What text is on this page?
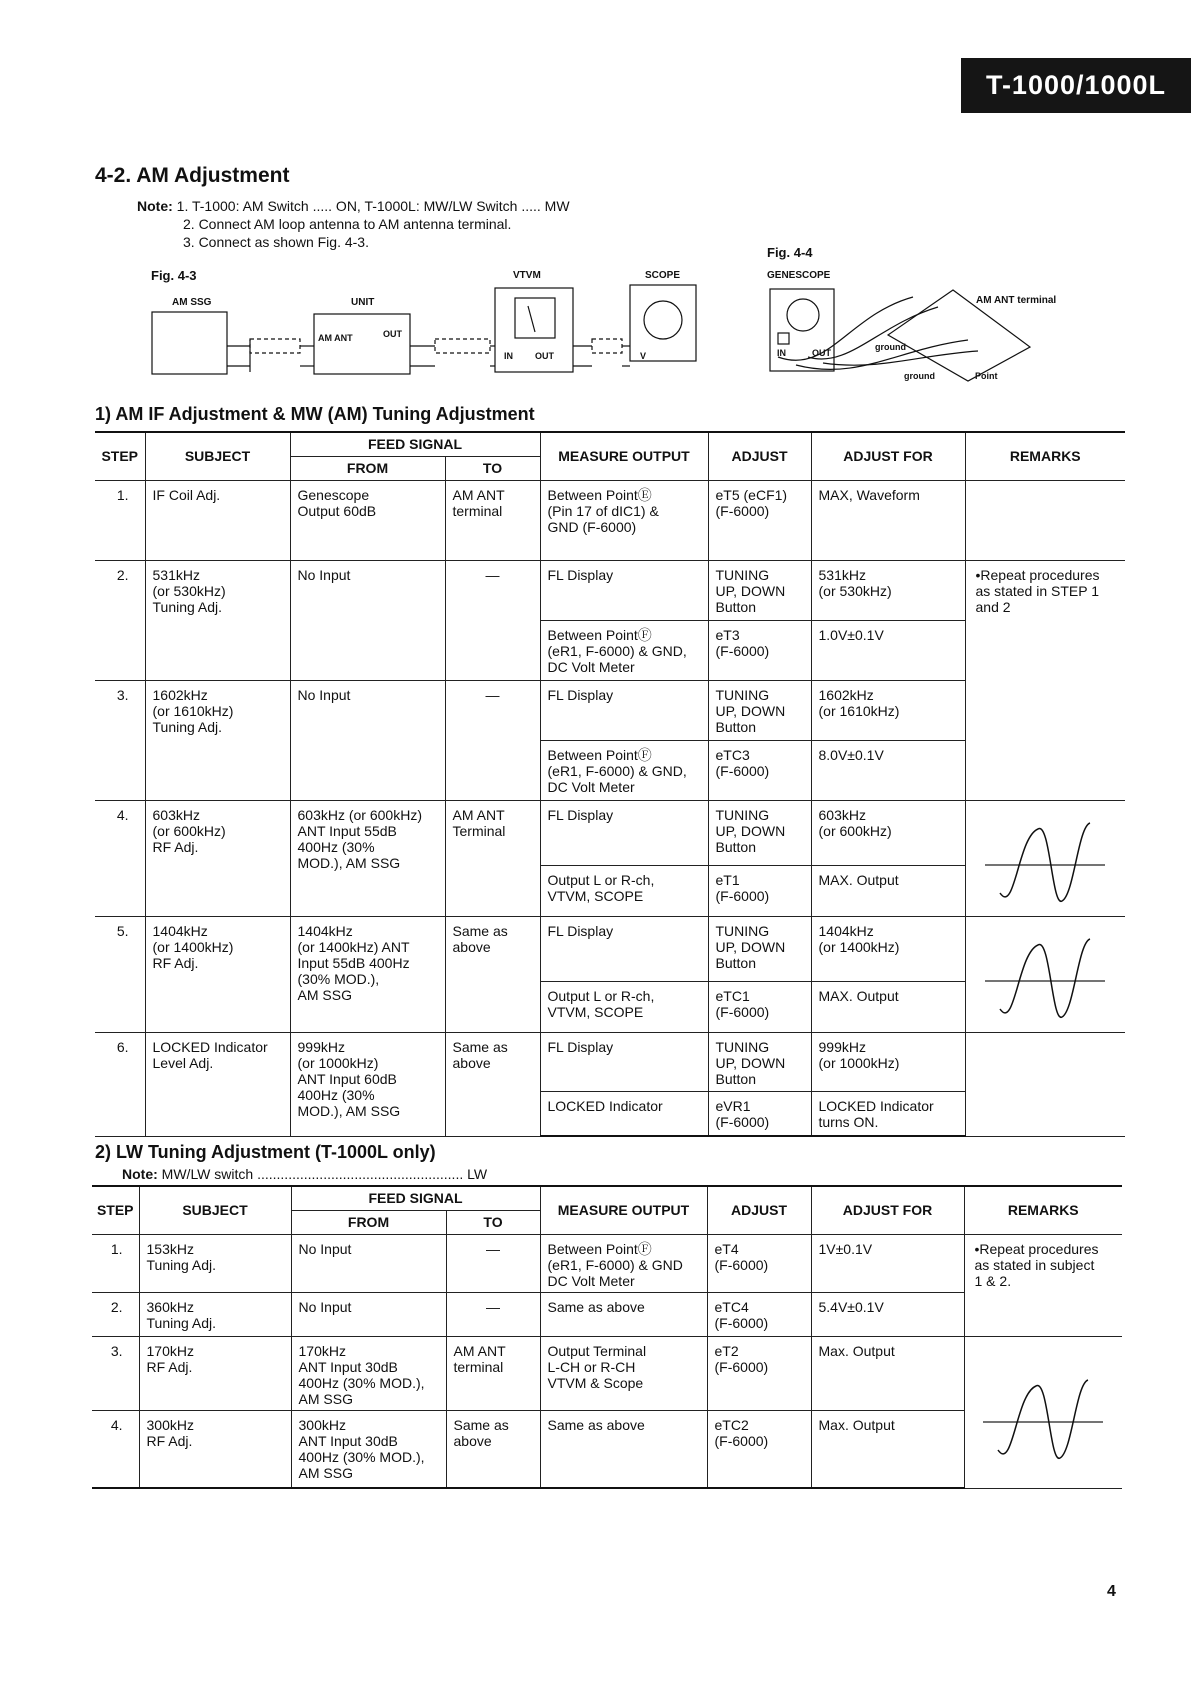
T-1000/1000L
4-2. AM Adjustment
Note: 1. T-1000: AM Switch ..... ON, T-1000L: MW/LW Switch ..... MW
2. Connect AM loop antenna to AM antenna terminal.
3. Connect as shown Fig. 4-3.
Fig. 4-3
AM SSG	UNIT
VTVM	SCOPE
AM ANT	OUT
IN OUT	V
Fig. 4-4
GENESCOPE
AM ANT terminal
IN	OUT
ground
ground	Point
1) AM IF Adjustment & MW (AM) Tuning Adjustment
STEP	SUBJECT	FEED SIGNAL		MEASURE OUTPUT	ADJUST	ADJUST FOR	REMARKS
		FROM	TO				
1.	IF Coil Adj.	Genescope
Output 60dB	AM ANT
terminal	Between PointⒺ
(Pin 17 of dIC1) &
GND (F-6000)	eT5 (eCF1)
(F-6000)	MAX, Waveform	
2.	531kHz
(or 530kHz)
Tuning Adj.	No Input	—	FL Display	TUNING
UP, DOWN
Button	531kHz
(or 530kHz)	•Repeat procedures
as stated in STEP 1
and 2
				Between PointⒻ
(eR1, F-6000) & GND,
DC Volt Meter	eT3
(F-6000)	1.0V±0.1V	
3.	1602kHz
(or 1610kHz)
Tuning Adj.	No Input	—	FL Display	TUNING
UP, DOWN
Button	1602kHz
(or 1610kHz)	
				Between PointⒻ
(eR1, F-6000) & GND,
DC Volt Meter	eTC3
(F-6000)	8.0V±0.1V	
4.	603kHz
(or 600kHz)
RF Adj.	603kHz (or 600kHz)
ANT Input 55dB
400Hz (30%
MOD.), AM SSG	AM ANT
Terminal	FL Display	TUNING
UP, DOWN
Button	603kHz
(or 600kHz)	

				Output L or R-ch,
VTVM, SCOPE	eT1
(F-6000)	MAX. Output	
5.	1404kHz
(or 1400kHz)
RF Adj.	1404kHz
(or 1400kHz) ANT
Input 55dB 400Hz
(30% MOD.),
AM SSG	Same as
above	FL Display	TUNING
UP, DOWN
Button	1404kHz
(or 1400kHz)	

				Output L or R-ch,
VTVM, SCOPE	eTC1
(F-6000)	MAX. Output	
6.	LOCKED Indicator
Level Adj.	999kHz
(or 1000kHz)
ANT Input 60dB
400Hz (30%
MOD.), AM SSG	Same as
above	FL Display	TUNING
UP, DOWN
Button	999kHz
(or 1000kHz)	
				LOCKED Indicator	eVR1
(F-6000)	LOCKED Indicator
turns ON.	
2) LW Tuning Adjustment (T-1000L only)
Note: MW/LW switch ..................................................... LW
STEP	SUBJECT	FEED SIGNAL		MEASURE OUTPUT	ADJUST	ADJUST FOR	REMARKS
		FROM	TO				
1.	153kHz
Tuning Adj.	No Input	—	Between PointⒻ
(eR1, F-6000) & GND
DC Volt Meter	eT4
(F-6000)	1V±0.1V	•Repeat procedures
as stated in subject
1 & 2.
2.	360kHz
Tuning Adj.	No Input	—	Same as above	eTC4
(F-6000)	5.4V±0.1V	
3.	170kHz
RF Adj.	170kHz
ANT Input 30dB
400Hz (30% MOD.),
AM SSG	AM ANT
terminal	Output Terminal
L-CH or R-CH
VTVM & Scope	eT2
(F-6000)	Max. Output	

4.	300kHz
RF Adj.	300kHz
ANT Input 30dB
400Hz (30% MOD.),
AM SSG	Same as
above	Same as above	eTC2
(F-6000)	Max. Output	
4
